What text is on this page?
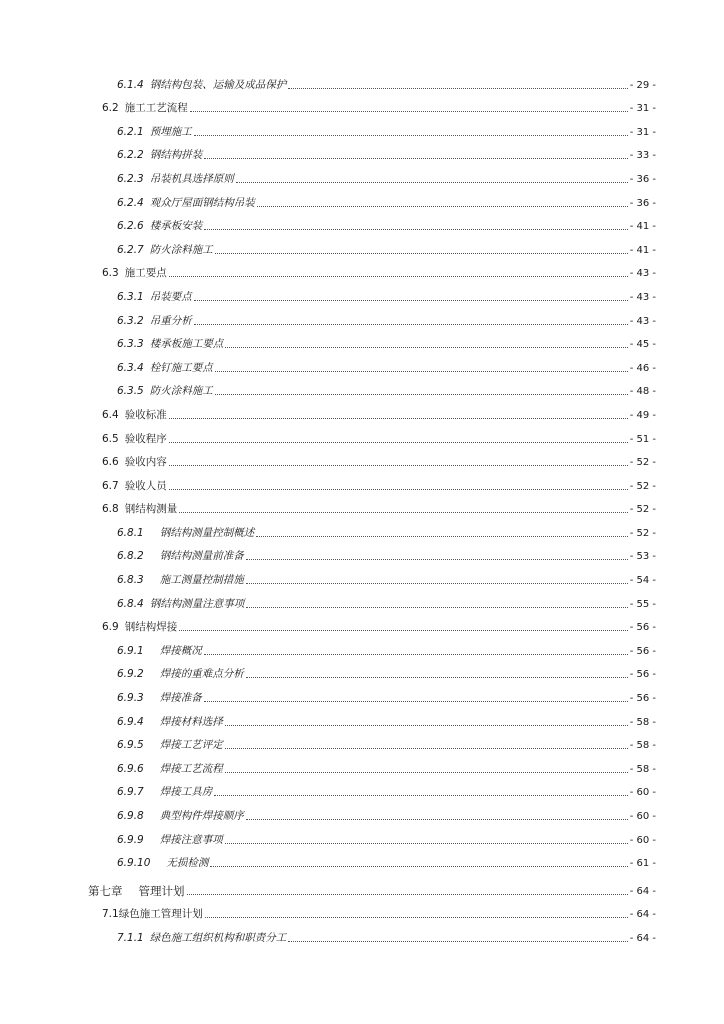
6.1.4 钢结构包装、运输及成品保护	- 29 -
6.2 施工工艺流程	- 31 -
6.2.1 预埋施工	- 31 -
6.2.2 钢结构拼装	- 33 -
6.2.3 吊装机具选择原则	- 36 -
6.2.4 观众厅屋面钢结构吊装	- 36 -
6.2.6 楼承板安装	- 41 -
6.2.7 防火涂料施工	- 41 -
6.3 施工要点	- 43 -
6.3.1 吊装要点	- 43 -
6.3.2 吊重分析	- 43 -
6.3.3 楼承板施工要点	- 45 -
6.3.4 栓钉施工要点	- 46 -
6.3.5 防火涂料施工	- 48 -
6.4 验收标准	- 49 -
6.5 验收程序	- 51 -
6.6 验收内容	- 52 -
6.7 验收人员	- 52 -
6.8 钢结构测量	- 52 -
6.8.1 钢结构测量控制概述	- 52 -
6.8.2 钢结构测量前准备	- 53 -
6.8.3 施工测量控制措施	- 54 -
6.8.4 钢结构测量注意事项	- 55 -
6.9 钢结构焊接	- 56 -
6.9.1 焊接概况	- 56 -
6.9.2 焊接的重难点分析	- 56 -
6.9.3 焊接准备	- 56 -
6.9.4 焊接材料选择	- 58 -
6.9.5 焊接工艺评定	- 58 -
6.9.6 焊接工艺流程	- 58 -
6.9.7 焊接工具房	- 60 -
6.9.8 典型构件焊接顺序	- 60 -
6.9.9 焊接注意事项	- 60 -
6.9.10 无损检测	- 61 -
第七章 管理计划	- 64 -
7.1 绿色施工管理计划	- 64 -
7.1.1 绿色施工组织机构和职责分工	- 64 -
